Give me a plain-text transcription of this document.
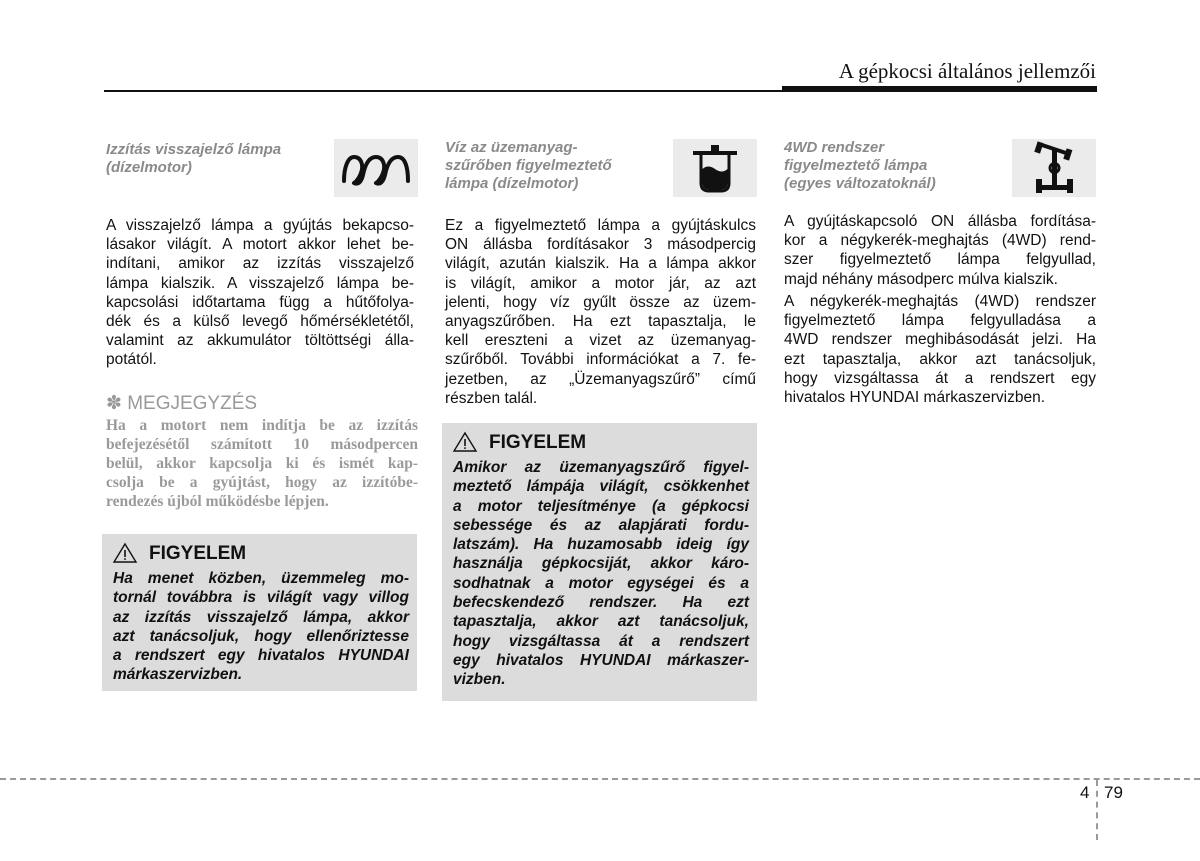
A gépkocsi általános jellemzői
Izzítás visszajelző lámpa
(dízelmotor)

A visszajelző lámpa a gyújtás bekapcso-

lásakor világít. A motort akkor lehet be-

indítani, amikor az izzítás visszajelző

lámpa kialszik. A visszajelző lámpa be-

kapcsolási időtartama függ a hűtőfolya-

dék és a külső levegő hőmérsékletétől,

valamint az akkumulátor töltöttségi álla-

potától.

✽ MEGJEGYZÉS
Ha a motort nem indítja be az izzítás
befejezésétől számított 10 másodpercen
belül, akkor kapcsolja ki és ismét kap-
csolja be a gyújtást, hogy az izzítóbe-
rendezés újból működésbe lépjen.
FIGYELEM
Ha menet közben, üzemmeleg mo-
tornál továbbra is világít vagy villog
az izzítás visszajelző lámpa, akkor
azt tanácsoljuk, hogy ellenőriztesse
a rendszert egy hivatalos HYUNDAI
márkaszervizben.
Víz az üzemanyag-
szűrőben figyelmeztető
lámpa (dízelmotor)

Ez a figyelmeztető lámpa a gyújtáskulcs

ON állásba fordításakor 3 másodpercig

világít, azután kialszik. Ha a lámpa akkor

is világít, amikor a motor jár, az azt

jelenti, hogy víz gyűlt össze az üzem-

anyagszűrőben. Ha ezt tapasztalja, le

kell ereszteni a vizet az üzemanyag-

szűrőből. További információkat a 7. fe-

jezetben, az „Üzemanyagszűrő” című

részben talál.

FIGYELEM
Amikor az üzemanyagszűrő figyel-
meztető lámpája világít, csökkenhet
a motor teljesítménye (a gépkocsi
sebessége és az alapjárati fordu-
latszám). Ha huzamosabb ideig így
használja gépkocsiját, akkor káro-
sodhatnak a motor egységei és a
befecskendező rendszer. Ha ezt
tapasztalja, akkor azt tanácsoljuk,
hogy vizsgáltassa át a rendszert
egy hivatalos HYUNDAI márkaszer-
vizben.
4WD rendszer
figyelmeztető lámpa
(egyes változatoknál)

A gyújtáskapcsoló ON állásba fordítása-

kor a négykerék-meghajtás (4WD) rend-

szer figyelmeztető lámpa felgyullad,

majd néhány másodperc múlva kialszik.

A négykerék-meghajtás (4WD) rendszer

figyelmeztető lámpa felgyulladása a

4WD rendszer meghibásodását jelzi. Ha

ezt tapasztalja, akkor azt tanácsoljuk,

hogy vizsgáltassa át a rendszert egy

hivatalos HYUNDAI márkaszervizben.

4 79
